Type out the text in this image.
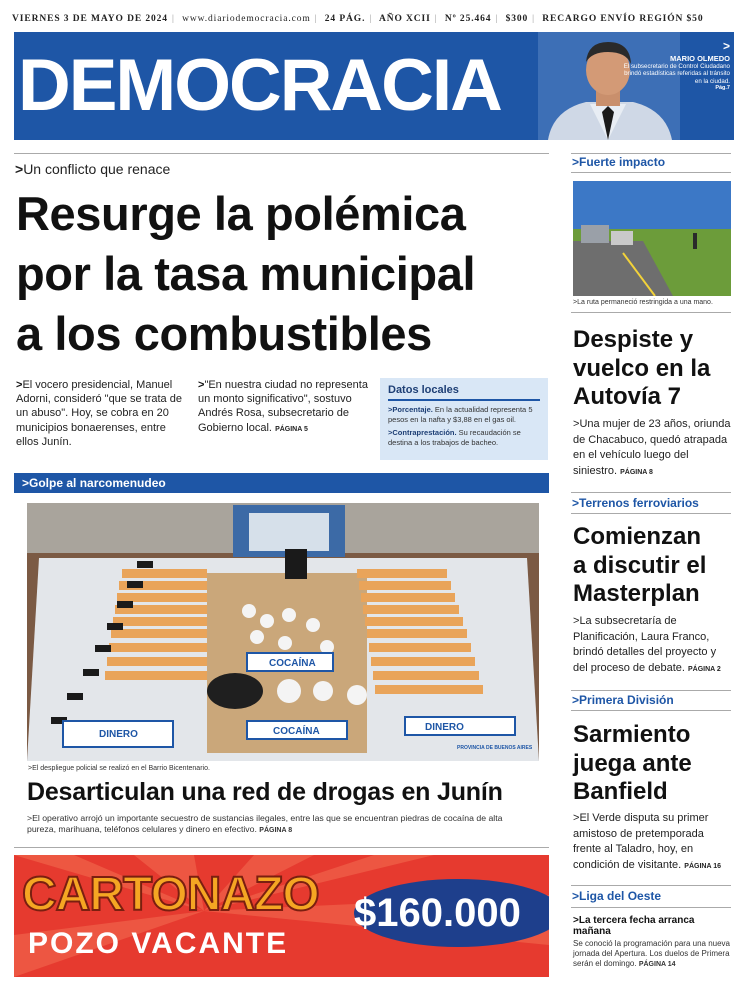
VIERNES 3 DE MAYO DE 2024 | www.diariodemocracia.com | 24 PÁG. | AÑO XCII | Nº 25.464 | $300 | RECARGO ENVÍO REGIÓN $50
DEMOCRACIA	>
MARIO OLMEDO
El subsecretario de Control Ciudadano brindó estadísticas referidas al tránsito en la ciudad.
Pág.7
>Un conflicto que renace
Resurge la polémica
por la tasa municipal
a los combustibles
>El vocero presidencial, Manuel Adorni, consideró "que se trata de un abuso". Hoy, se cobra en 20 municipios bonaerenses, entre ellos Junín.
>"En nuestra ciudad no representa un monto significativo", sostuvo Andrés Rosa, subsecretario de Gobierno local. PÁGINA 5
Datos locales

>Porcentaje. En la actualidad representa 5 pesos en la nafta y $3,88 en el gas oil.

>Contraprestación. Su recaudación se destina a los trabajos de bacheo.

>Golpe al narcomenudeo
COCAÍNA
COCAÍNA
DINERO
DINERO
PROVINCIA DE BUENOS AIRES
>El despliegue policial se realizó en el Barrio Bicentenario.
Desarticulan una red de drogas en Junín
>El operativo arrojó un importante secuestro de sustancias ilegales, entre las que se encuentran piedras de cocaína de alta pureza, marihuana, teléfonos celulares y dinero en efectivo. PÁGINA 8
CARTONAZO
POZO VACANTE
$160.000
>Fuerte impacto
>La ruta permaneció restringida a una mano.
Despiste y
vuelco en la
Autovía 7
>Una mujer de 23 años, oriunda de Chacabuco, quedó atrapada en el vehículo luego del siniestro. PÁGINA 8
>Terrenos ferroviarios
Comienzan
a discutir el
Masterplan
>La subsecretaría de Planificación, Laura Franco, brindó detalles del proyecto y del proceso de debate. PÁGINA 2
>Primera División
Sarmiento
juega ante
Banfield
>El Verde disputa su primer amistoso de pretemporada frente al Taladro, hoy, en condición de visitante. PÁGINA 16
>Liga del Oeste
>La tercera fecha arranca mañana
Se conoció la programación para una nueva jornada del Apertura. Los duelos de Primera serán el domingo. PÁGINA 14
